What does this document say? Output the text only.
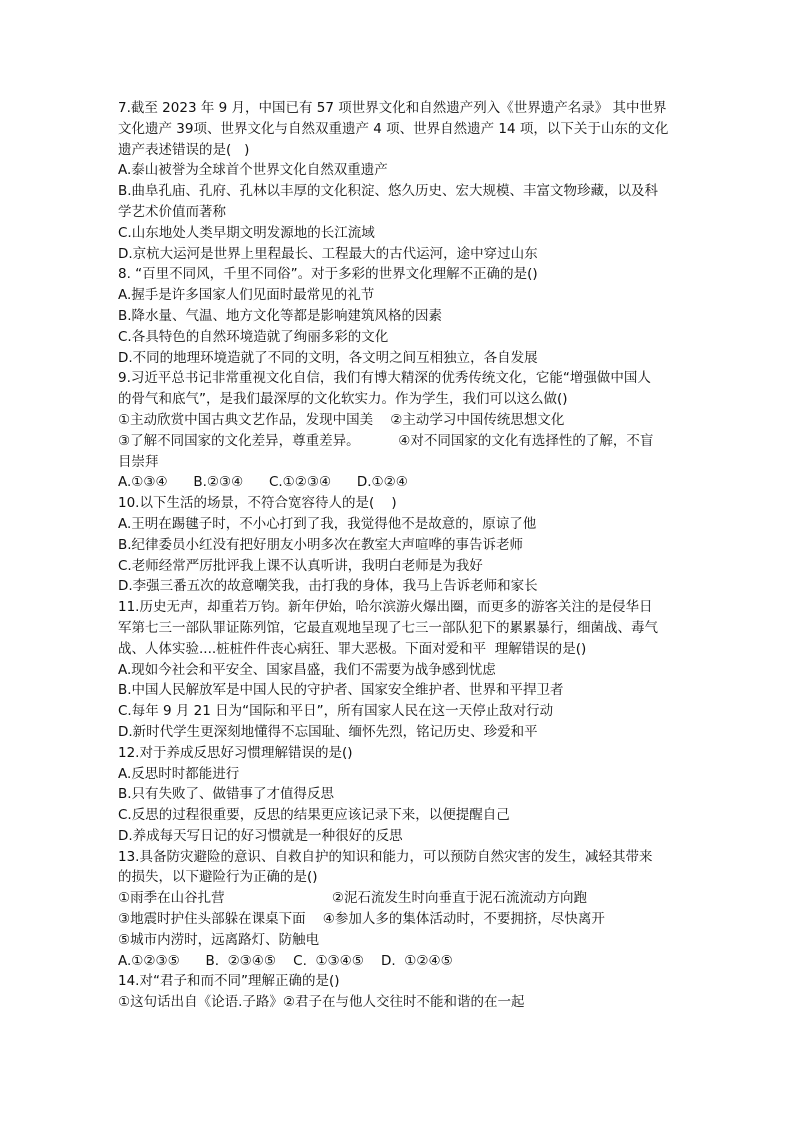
7.截至 2023 年 9 月，中国已有 57 项世界文化和自然遗产列入《世界遗产名录》 其中世界
文化遗产 39项、世界文化与自然双重遗产 4 项、世界自然遗产 14 项，以下关于山东的文化
遗产表述错误的是(   )
A.泰山被誉为全球首个世界文化自然双重遗产
B.曲阜孔庙、孔府、孔林以丰厚的文化积淀、悠久历史、宏大规模、丰富文物珍藏，以及科
学艺术价值而著称
C.山东地处人类早期文明发源地的长江流域
D.京杭大运河是世界上里程最长、工程最大的古代运河，途中穿过山东
8. “百里不同风，千里不同俗”。对于多彩的世界文化理解不正确的是()
A.握手是许多国家人们见面时最常见的礼节
B.降水量、气温、地方文化等都是影响建筑风格的因素
C.各具特色的自然环境造就了绚丽多彩的文化
D.不同的地理环境造就了不同的文明，各文明之间互相独立，各自发展
9.习近平总书记非常重视文化自信，我们有博大精深的优秀传统文化，它能“增强做中国人
的骨气和底气”，是我们最深厚的文化软实力。作为学生，我们可以这么做()
①主动欣赏中国古典文艺作品，发现中国美    ②主动学习中国传统思想文化
③了解不同国家的文化差异，尊重差异。         ④对不同国家的文化有选择性的了解，不盲
目崇拜
A.①③④      B.②③④      C.①②③④      D.①②④
10.以下生活的场景，不符合宽容待人的是(    )
A.王明在踢毽子时，不小心打到了我，我觉得他不是故意的，原谅了他
B.纪律委员小红没有把好朋友小明多次在教室大声喧哗的事告诉老师
C.老师经常严厉批评我上课不认真听讲，我明白老师是为我好
D.李强三番五次的故意嘲笑我，击打我的身体，我马上告诉老师和家长
11.历史无声，却重若万钧。新年伊始，哈尔滨游火爆出圈，而更多的游客关注的是侵华日
军第七三一部队罪证陈列馆，它最直观地呈现了七三一部队犯下的累累暴行，细菌战、毒气
战、人体实验....桩桩件件丧心病狂、罪大恶极。下面对爱和平  理解错误的是()
A.现如今社会和平安全、国家昌盛，我们不需要为战争感到忧虑
B.中国人民解放军是中国人民的守护者、国家安全维护者、世界和平捍卫者
C.每年 9 月 21 日为“国际和平日”，所有国家人民在这一天停止敌对行动
D.新时代学生更深刻地懂得不忘国耻、缅怀先烈，铭记历史、珍爱和平
12.对于养成反思好习惯理解错误的是()
A.反思时时都能进行
B.只有失败了、做错事了才值得反思
C.反思的过程很重要，反思的结果更应该记录下来，以便提醒自己
D.养成每天写日记的好习惯就是一种很好的反思
13.具备防灾避险的意识、自救自护的知识和能力，可以预防自然灾害的发生，减轻其带来
的损失，以下避险行为正确的是()
①雨季在山谷扎营                         ②泥石流发生时向垂直于泥石流流动方向跑
③地震时护住头部躲在课桌下面    ④参加人多的集体活动时，不要拥挤，尽快离开
⑤城市内涝时，远离路灯、防触电
A.①②③⑤      B.  ②③④⑤    C.  ①③④⑤    D.  ①②④⑤
14.对“君子和而不同”理解正确的是()
①这句话出自《论语.子路》②君子在与他人交往时不能和谐的在一起
